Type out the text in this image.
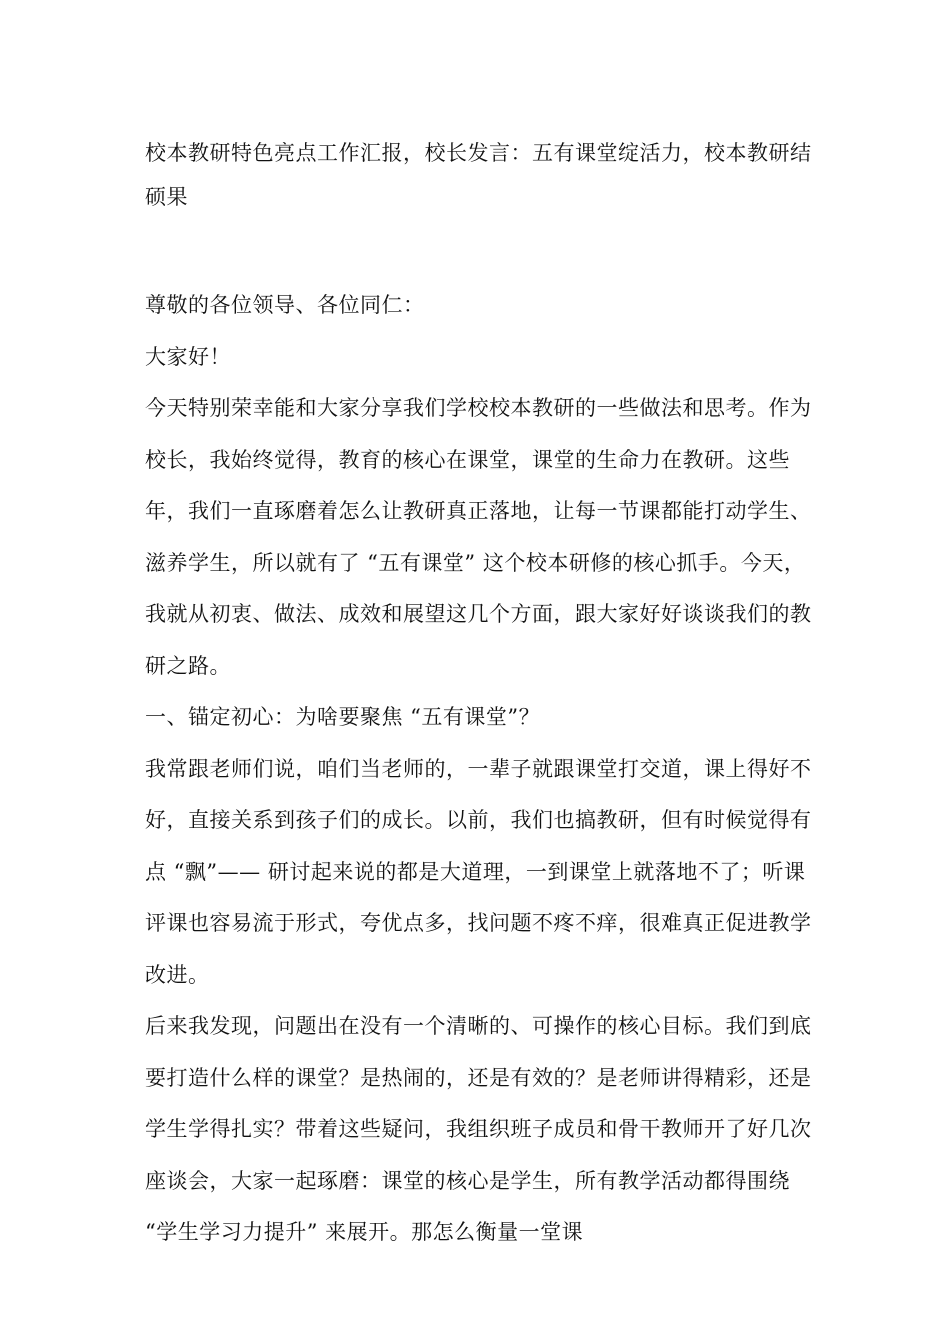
校本教研特色亮点工作汇报，校长发言：五有课堂绽活力，校本教研结硕果

尊敬的各位领导、各位同仁：

大家好！

今天特别荣幸能和大家分享我们学校校本教研的一些做法和思考。作为校长，我始终觉得，教育的核心在课堂，课堂的生命力在教研。这些年，我们一直琢磨着怎么让教研真正落地，让每一节课都能打动学生、滋养学生，所以就有了 “五有课堂” 这个校本研修的核心抓手。今天，我就从初衷、做法、成效和展望这几个方面，跟大家好好谈谈我们的教研之路。

一、锚定初心：为啥要聚焦 “五有课堂”？

我常跟老师们说，咱们当老师的，一辈子就跟课堂打交道，课上得好不好，直接关系到孩子们的成长。以前，我们也搞教研，但有时候觉得有点 “飘”—— 研讨起来说的都是大道理，一到课堂上就落地不了；听课评课也容易流于形式，夸优点多，找问题不疼不痒，很难真正促进教学改进。

后来我发现，问题出在没有一个清晰的、可操作的核心目标。我们到底要打造什么样的课堂？是热闹的，还是有效的？是老师讲得精彩，还是学生学得扎实？带着这些疑问，我组织班子成员和骨干教师开了好几次座谈会，大家一起琢磨：课堂的核心是学生，所有教学活动都得围绕 “学生学习力提升” 来展开。那怎么衡量一堂课
